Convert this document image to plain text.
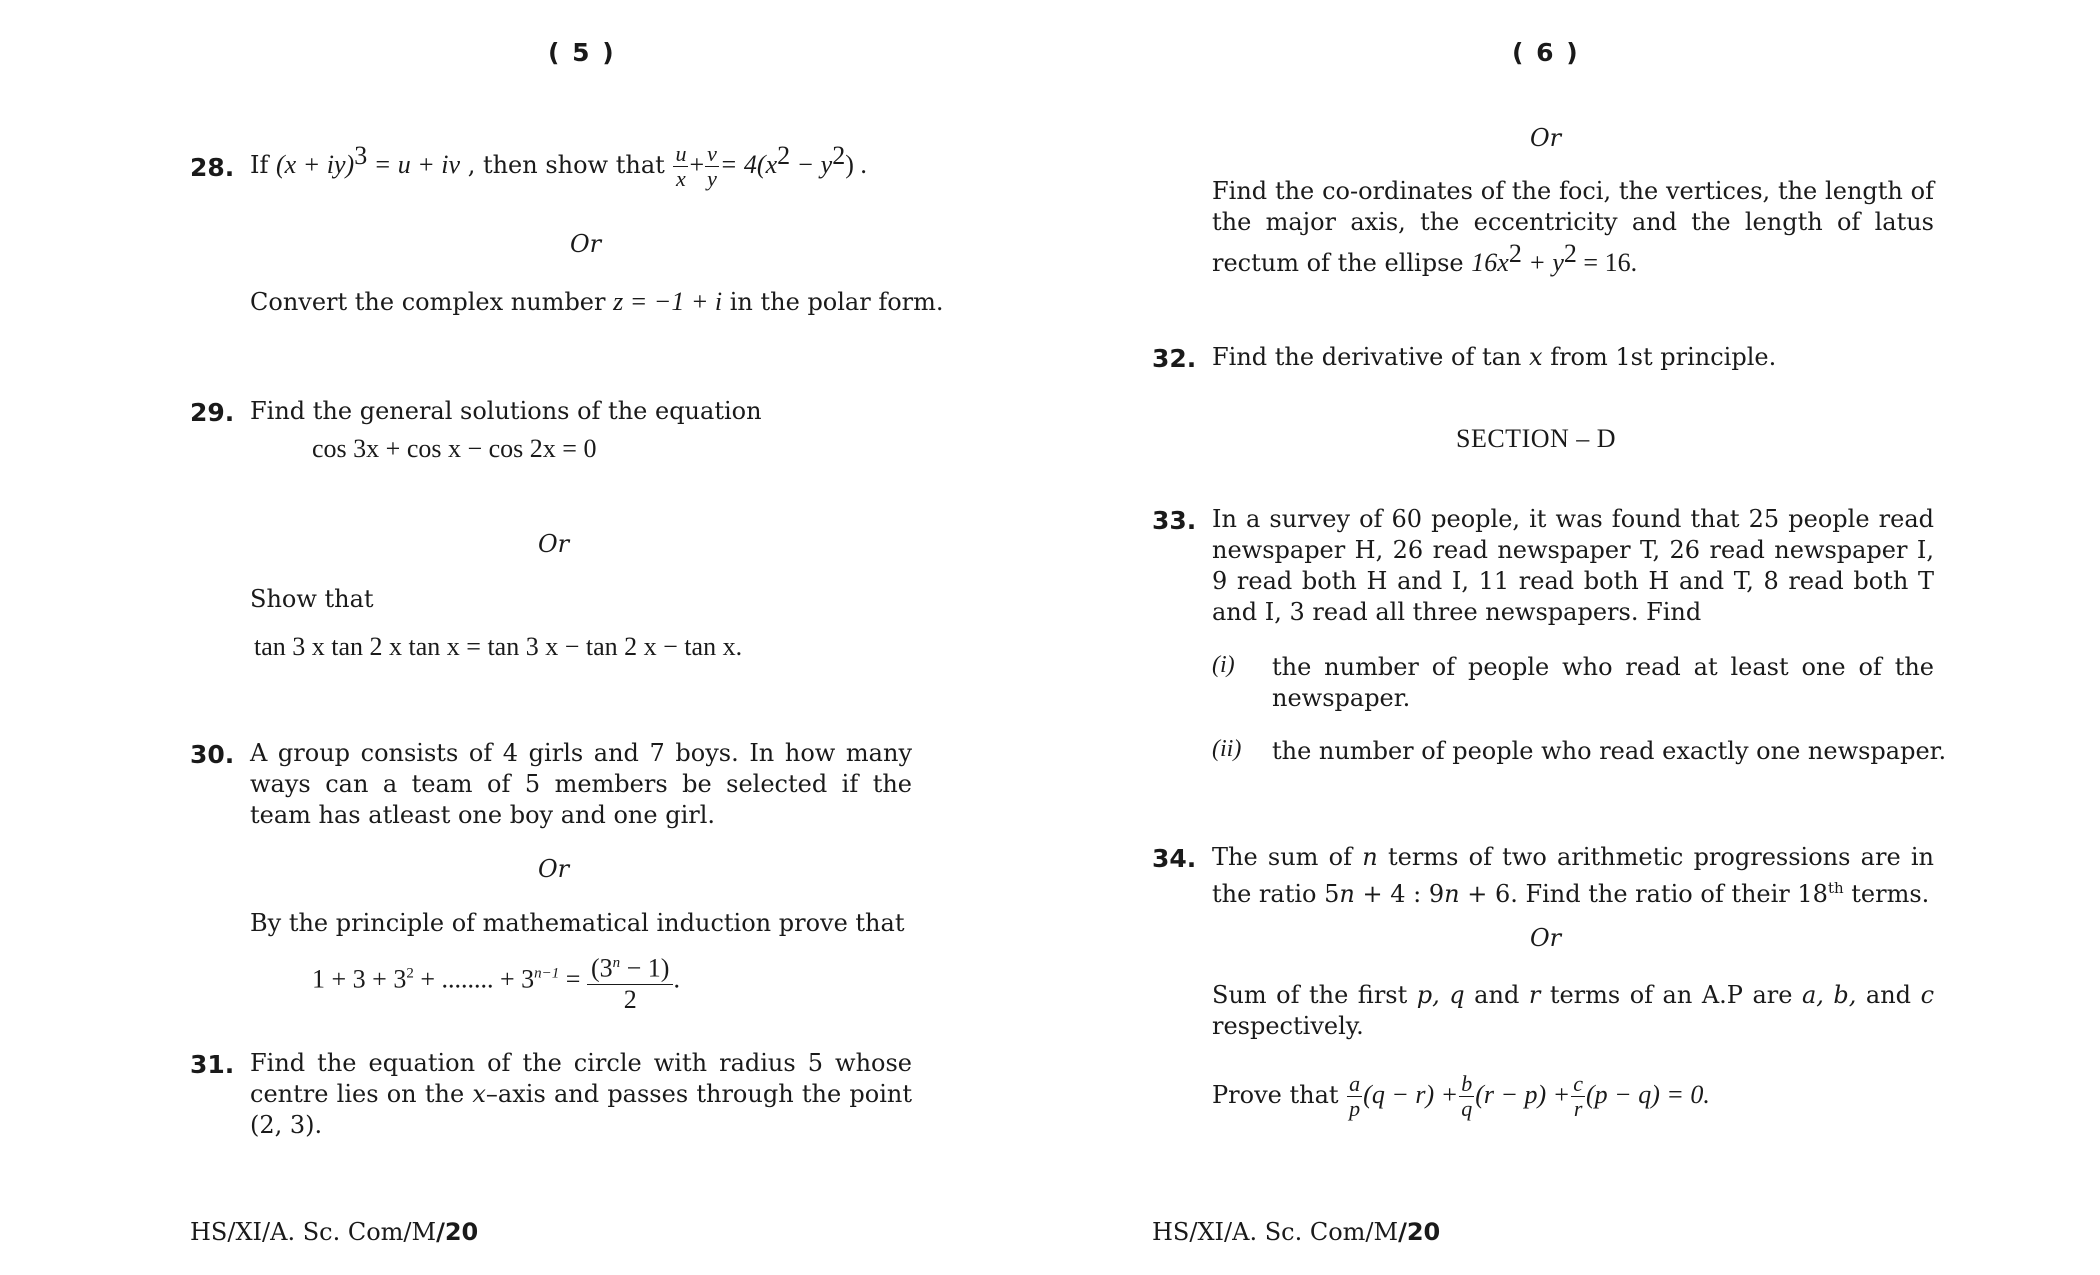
( 5 )
28. If (x + iy)$^3$ = u + iv , then show that $\frac{u}{x} + \frac{v}{y} = 4(x^2 - y^2)$ .
Or
Convert the complex number z = −1 + i in the polar form.
29. Find the general solutions of the equation
cos 3x + cos x − cos 2x = 0
Or
Show that
tan 3 x tan 2 x tan x = tan 3 x − tan 2 x − tan x.
30. A group consists of 4 girls and 7 boys. In how many ways can a team of 5 members be selected if the team has atleast one boy and one girl.
Or
By the principle of mathematical induction prove that
$1 + 3 + 3^2$ + ........ + $3^{n-1} = \frac{(3^n - 1)}{2}$ .
31. Find the equation of the circle with radius 5 whose centre lies on the x–axis and passes through the point (2, 3).
HS/XI/A. Sc. Com/M/20
( 6 )
Or
Find the co-ordinates of the foci, the vertices, the length of the major axis, the eccentricity and the length of latus rectum of the ellipse $16x^2 + y^2 = 16$.
32. Find the derivative of tan x from 1st principle.
SECTION – D
33. In a survey of 60 people, it was found that 25 people read newspaper H, 26 read newspaper T, 26 read newspaper I, 9 read both H and I, 11 read both H and T, 8 read both T and I, 3 read all three newspapers. Find
(i) the number of people who read at least one of the newspaper.
(ii) the number of people who read exactly one newspaper.
34. The sum of n terms of two arithmetic progressions are in the ratio 5n + 4 : 9n + 6. Find the ratio of their 18th terms.
Or
Sum of the first p, q and r terms of an A.P are a, b, and c respectively.
Prove that $\frac{a}{p} (q - r) + \frac{b}{q} (r - p) + \frac{c}{r} (p - q) = 0$.
HS/XI/A. Sc. Com/M/20
